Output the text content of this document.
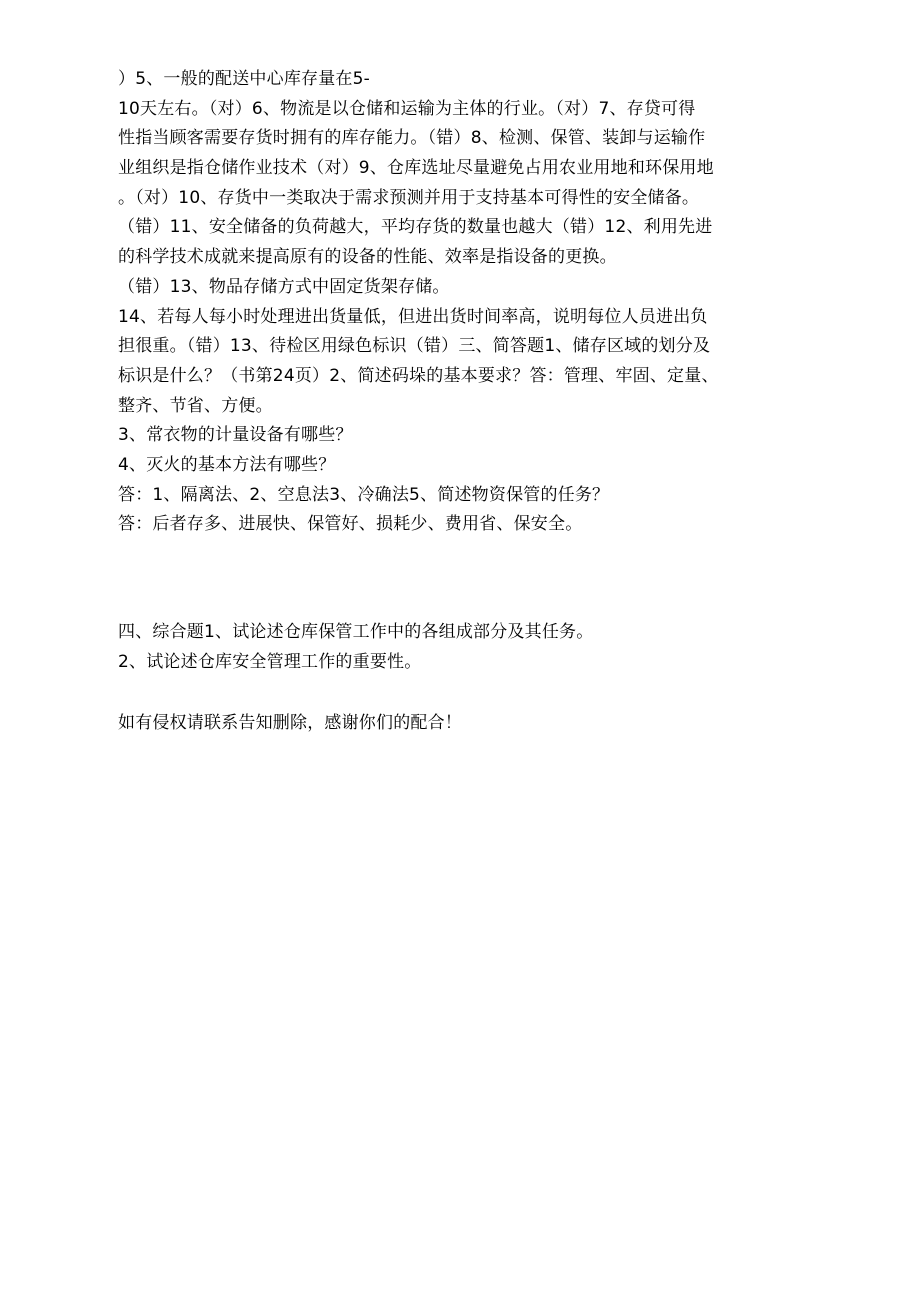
）5、一般的配送中心库存量在5-
10天左右。（对）6、物流是以仓储和运输为主体的行业。（对）7、存贷可得
性指当顾客需要存货时拥有的库存能力。（错）8、检测、保管、装卸与运输作
业组织是指仓储作业技术（对）9、仓库选址尽量避免占用农业用地和环保用地
。（对）10、存货中一类取决于需求预测并用于支持基本可得性的安全储备。
（错）11、安全储备的负荷越大，平均存货的数量也越大（错）12、利用先进
的科学技术成就来提高原有的设备的性能、效率是指设备的更换。
（错）13、物品存储方式中固定货架存储。
14、若每人每小时处理进出货量低，但进出货时间率高，说明每位人员进出负
担很重。（错）13、待检区用绿色标识（错）三、简答题1、储存区域的划分及
标识是什么？（书第24页）2、简述码垛的基本要求？答：管理、牢固、定量、
整齐、节省、方便。
3、常衣物的计量设备有哪些？
4、灭火的基本方法有哪些？
答：1、隔离法、2、空息法3、冷确法5、简述物资保管的任务？
答：后者存多、进展快、保管好、损耗少、费用省、保安全。
四、综合题1、试论述仓库保管工作中的各组成部分及其任务。
2、试论述仓库安全管理工作的重要性。
如有侵权请联系告知删除，感谢你们的配合！
